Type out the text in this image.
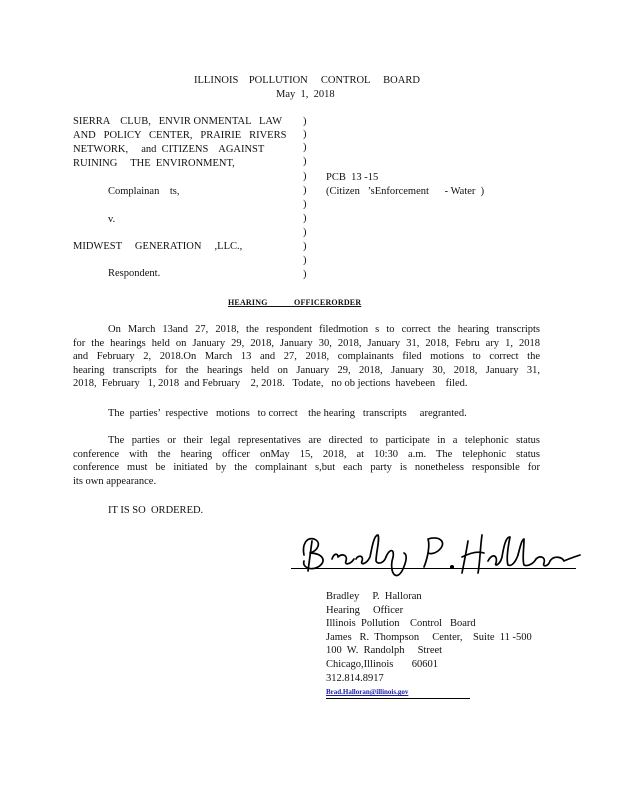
ILLINOIS    POLLUTION     CONTROL     BOARD
May  1,  2018
SIERRA    CLUB,   ENVIR ONMENTAL   LAW
AND   POLICY   CENTER,   PRAIRIE   RIVERS
NETWORK,     and  CITIZENS    AGAINST
RUINING     THE  ENVIRONMENT,
Complainan    ts,
v.
MIDWEST     GENERATION     ,LLC.,
Respondent.
)
)
)
)
)
)
)
)
)
)
)
)
PCB  13 -15
(Citizen   ’sEnforcement      - Water  )
HEARING            OFFICERORDER
On March 13and 27, 2018, the respondent filedmotion s to correct the hearing transcripts
for the hearings held on January 29, 2018, January 30, 2018, January 31, 2018, Febru ary 1, 2018
and February 2, 2018.On March 13 and 27, 2018, complainants filed motions to correct the
hearing transcripts for the hearings held on January 29, 2018, January 30, 2018, January 31,
2018,  February   1, 2018  and February    2, 2018.   Todate,   no ob jections  havebeen    filed.
The  parties’  respective   motions   to correct    the hearing   transcripts     aregranted.
The parties or their legal representatives are directed to participate in a telephonic status
conference with the hearing officer onMay 15, 2018, at 10:30 a.m. The telephonic status
conference must be initiated by the complainant s,but each party is nonetheless responsible for
its own appearance.
IT IS SO  ORDERED.
Bradley     P.  Halloran
Hearing     Officer
Illinois  Pollution    Control   Board
James   R.  Thompson     Center,    Suite  11 -500
100  W.  Randolph     Street
Chicago,Illinois       60601
312.814.8917
Brad.Halloran@illinois.gov
